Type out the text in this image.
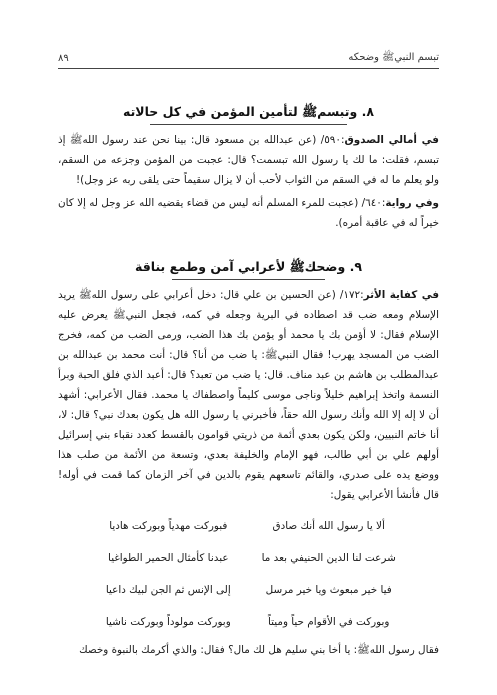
تبسم النبيﷺ وضحكه
٨٩
٨. وتبسمﷺ لتأمين المؤمن في كل حالاته

في أمالي الصدوق:٥٩٠/ (عن عبدالله بن مسعود قال: بينا نحن عند رسول اللهﷺ إذ تبسم، فقلت: ما لك يا رسول الله تبسمت؟ قال: عجبت من المؤمن وجزعه من السقم، ولو يعلم ما له في السقم من الثواب لأحب أن لا يزال سقيماً حتى يلقى ربه عز وجل)!

وفي رواية:٦٤٠/ (عجبت للمرء المسلم أنه ليس من قضاء يقضيه الله عز وجل له إلا كان خيراً له في عاقبة أمره).

٩. وضحكﷺ لأعرابي آمن وطمع بناقة

في كفاية الأثر:١٧٢/ (عن الحسين بن علي قال: دخل أعرابي على رسول اللهﷺ يريد الإسلام ومعه ضب قد اصطاده في البرية وجعله في كمه، فجعل النبيﷺ يعرض عليه الإسلام فقال: لا أؤمن بك يا محمد أو يؤمن بك هذا الضب، ورمى الضب من كمه، فخرج الضب من المسجد يهرب! فقال النبيﷺ: يا ضب من أنا؟ قال: أنت محمد بن عبدالله بن عبدالمطلب بن هاشم بن عبد مناف. قال: يا ضب من تعبد؟ قال: أعبد الذي فلق الحبة وبرأ النسمة واتخذ إبراهيم خليلاً وناجى موسى كليماً واصطفاك يا محمد. فقال الأعرابي: أشهد أن لا إله إلا الله وأنك رسول الله حقاً، فأخبرني يا رسول الله هل يكون بعدك نبي؟ قال: لا، أنا خاتم النبيين، ولكن يكون بعدي أئمة من ذريتي قوامون بالقسط كعدد نقباء بني إسرائيل أولهم علي بن أبي طالب، فهو الإمام والخليفة بعدي، وتسعة من الأئمة من صلب هذا ووضع يده على صدري، والقائم تاسعهم يقوم بالدين في آخر الزمان كما قمت في أوله! قال فأنشأ الأعرابي يقول:

ألا يا رسول الله أنك صادق
فبوركت مهدياً وبوركت هاديا
شرعت لنا الدين الحنيفي بعد ما
عبدنا كأمثال الحمير الطواغيا
فيا خير مبعوث ويا خير مرسل
إلى الإنس ثم الجن لبيك داعيا
وبوركت في الأقوام حياً وميتاً
وبوركت مولوداً وبوركت ناشيا

فقال رسول اللهﷺ: يا أخا بني سليم هل لك مال؟ فقال: والذي أكرمك بالنبوة وخصك
